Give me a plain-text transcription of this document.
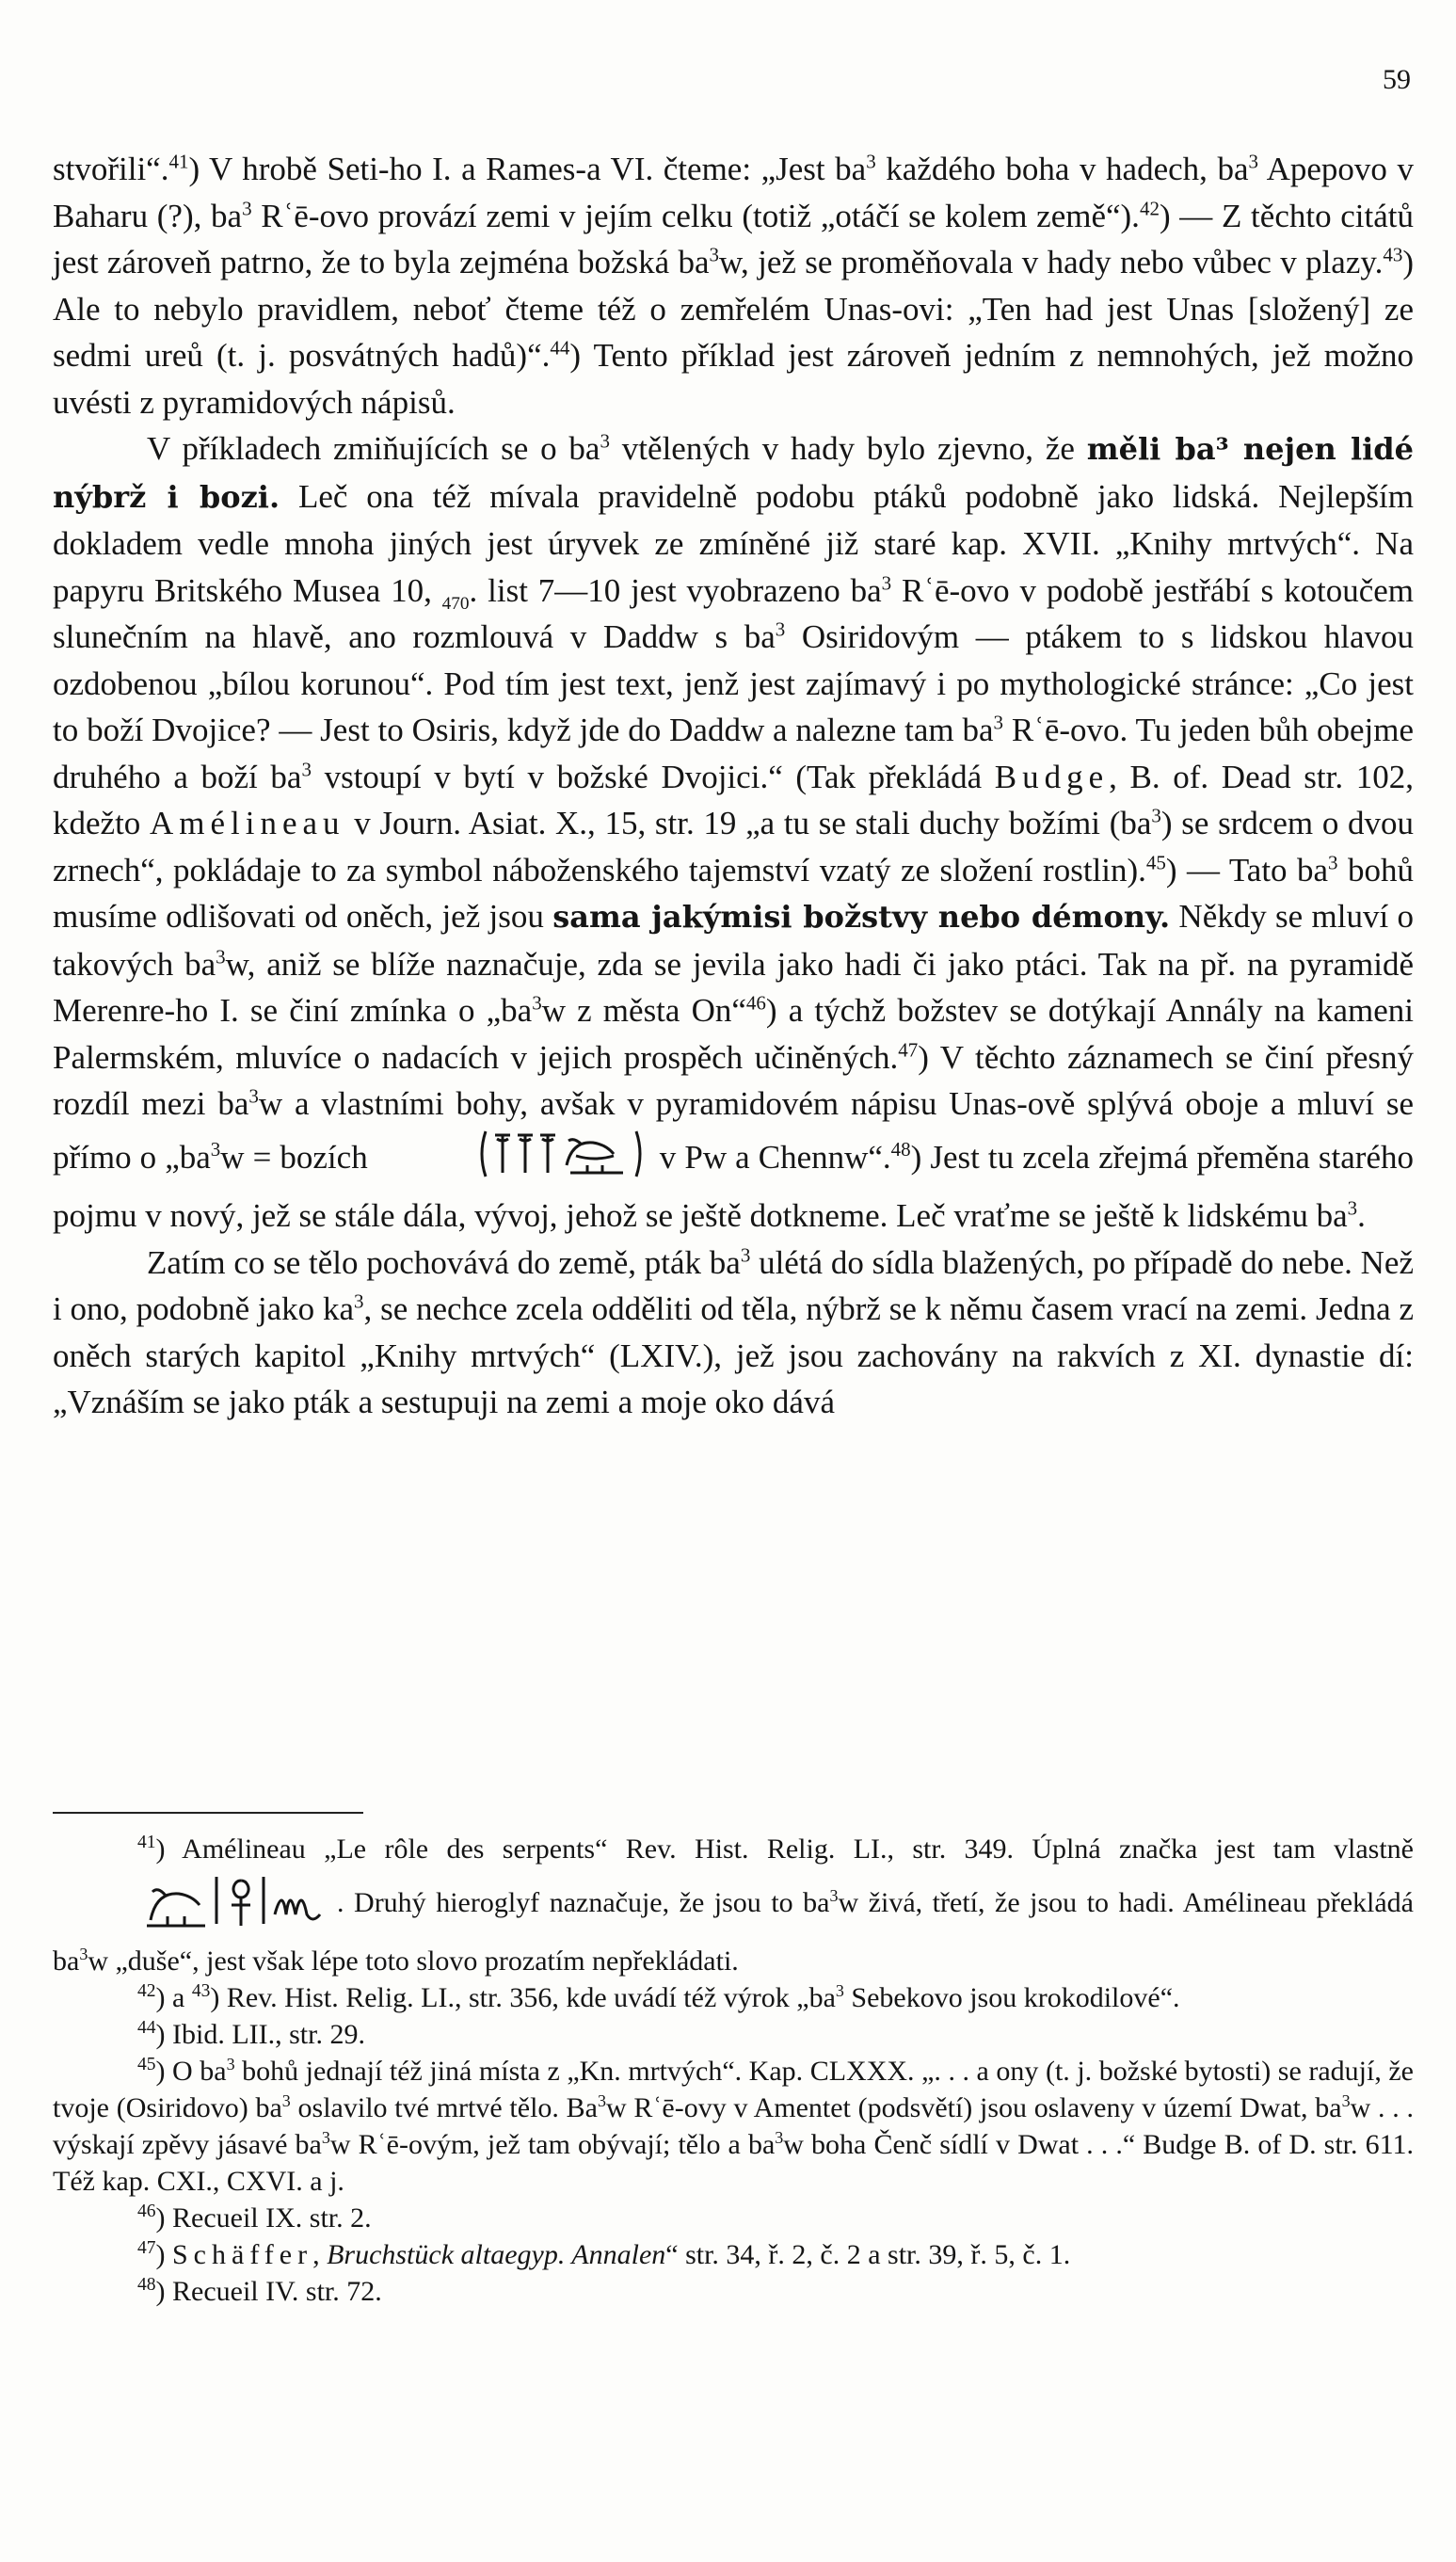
59

stvořili“.$^{41}$) V hrobě Seti-ho I. a Rames-a VI. čteme: „Jest $ba^3$ každého boha v hadech, $ba^3$ Apepovo v Baharu (?), $ba^3$ Rʿē-ovo provází zemi v jejím celku (totiž „otáčí se kolem země“).$^{42}$) — Z těchto citátů jest zároveň patrno, že to byla zejména božská $ba^3w$, jež se proměňovala v hady nebo vůbec v plazy.$^{43}$) Ale to nebylo pravidlem, neboť čteme též o zemřelém Unas-ovi: „Ten had jest Unas [složený] ze sedmi ureů (t. j. posvátných hadů)“.$^{44}$) Tento příklad jest zároveň jedním z nemnohých, jež možno uvésti z pyramidových nápisů.

V příkladech zmiňujících se o $ba^3$ vtělených v hady bylo zjevno, že měli ba³ nejen lidé nýbrž i bozi. Leč ona též mívala pravidelně podobu ptáků podobně jako lidská. Nejlepším dokladem vedle mnoha jiných jest úryvek ze zmíněné již staré kap. XVII. „Knihy mrtvých“. Na papyru Britského Musea 10, $_{470}$. list 7—10 jest vyobrazeno $ba^3$ Rʿē-ovo v podobě jestřábí s kotoučem slunečním na hlavě, ano rozmlouvá v Daddw s $ba^3$ Osiridovým — ptákem to s lidskou hlavou ozdobenou „bílou korunou“. Pod tím jest text, jenž jest zajímavý i po mythologické stránce: „Co jest to boží Dvojice? — Jest to Osiris, když jde do Daddw a nalezne tam $ba^3$ Rʿē-ovo. Tu jeden bůh obejme druhého a boží $ba^3$ vstoupí v bytí v božské Dvojici.“ (Tak překládá Budge, B. of. Dead str. 102, kdežto Amélineau v Journ. Asiat. X., 15, str. 19 „a tu se stali duchy božími $(ba^3)$ se srdcem o dvou zrnech“, pokládaje to za symbol náboženského tajemství vzatý ze složení rostlin).$^{45}$) — Tato $ba^3$ bohů musíme odlišovati od oněch, jež jsou sama jakýmisi božstvy nebo démony. Někdy se mluví o takových $ba^3w$, aniž se blíže naznačuje, zda se jevila jako hadi či jako ptáci. Tak na př. na pyramidě Merenre-ho I. se činí zmínka o $„ba^3w$ z města On“$^{46}$) a týchž božstev se dotýkají Annály na kameni Palermském, mluvíce o nadacích v jejich prospěch učiněných.$^{47}$) V těchto záznamech se činí přesný rozdíl mezi $ba^3w$ a vlastními bohy, avšak v pyramidovém nápisu Unas-ově splývá oboje a mluví se přímo o $„ba^3w$ = bozích	v Pw a Chennw“.$^{48}$) Jest tu zcela zřejmá přeměna starého pojmu v nový, jež se stále dála, vývoj, jehož se ještě dotkneme. Leč vraťme se ještě k lidskému $ba^3$.

Zatím co se tělo pochovává do země, pták $ba^3$ ulétá do sídla blažených, po případě do nebe. Než i ono, podobně jako $ka^3$, se nechce zcela odděliti od těla, nýbrž se k němu časem vrací na zemi. Jedna z oněch starých kapitol „Knihy mrtvých“ (LXIV.), jež jsou zachovány na rakvích z XI. dynastie dí: „Vznáším se jako pták a sestupuji na zemi a moje oko dává

$^{41}$) Amélineau „Le rôle des serpents“ Rev. Hist. Relig. LI., str. 349. Úplná značka jest tam vlastně . Druhý hieroglyf naznačuje, že jsou to $ba^3w$ živá, třetí, že jsou to hadi. Amélineau překládá $ba^3w$ „duše“, jest však lépe toto slovo prozatím nepřekládati.

$^{42}$) a $^{43}$) Rev. Hist. Relig. LI., str. 356, kde uvádí též výrok $„ba^3$ Sebekovo jsou krokodilové“.

$^{44}$) Ibid. LII., str. 29.

$^{45}$) O $ba^3$ bohů jednají též jiná místa z „Kn. mrtvých“. Kap. CLXXX. „. . . a ony (t. j. božské bytosti) se radují, že tvoje (Osiridovo) $ba^3$ oslavilo tvé mrtvé tělo. Ba$^3$w Rʿē-ovy v Amentet (podsvětí) jsou oslaveny v území Dwat, $ba^3w$ . . . výskají zpěvy jásavé $ba^3w$ Rʿē-ovým, jež tam obývají; tělo a $ba^3w$ boha Čenč sídlí v Dwat . . .“ Budge B. of D. str. 611. Též kap. CXI., CXVI. a j.

$^{46}$) Recueil IX. str. 2.

$^{47}$) Schäffer, Bruchstück altaegyp. Annalen“ str. 34, ř. 2, č. 2 a str. 39, ř. 5, č. 1.

$^{48}$) Recueil IV. str. 72.
